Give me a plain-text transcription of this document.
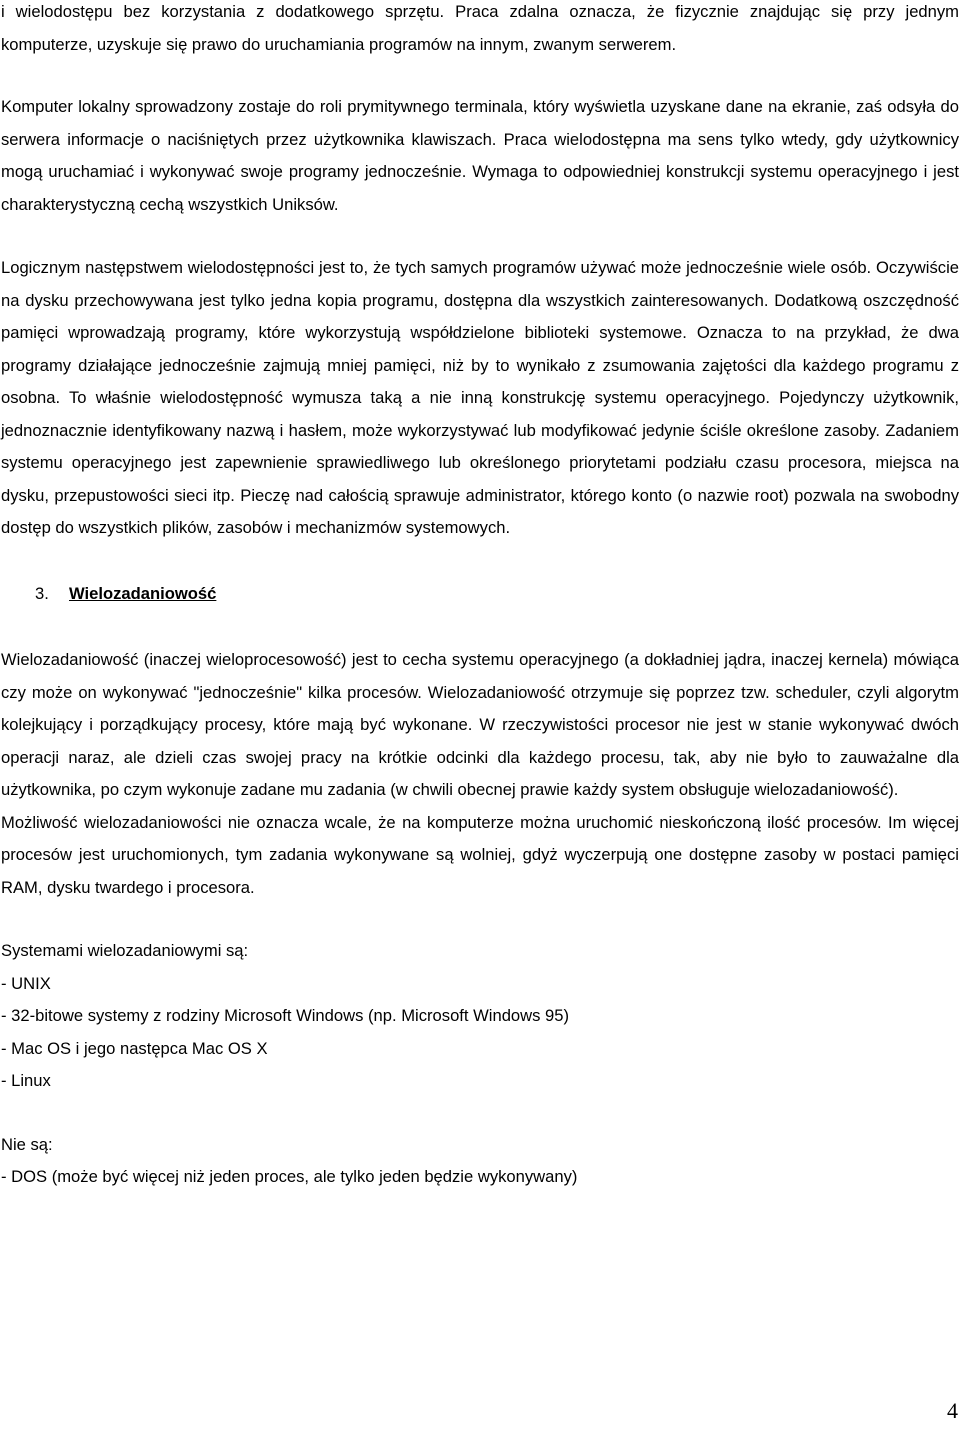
i wielodostępu bez korzystania z dodatkowego sprzętu. Praca zdalna oznacza, że fizycznie znajdując się przy jednym komputerze, uzyskuje się prawo do uruchamiania programów na innym, zwanym serwerem.

Komputer lokalny sprowadzony zostaje do roli prymitywnego terminala, który wyświetla uzyskane dane na ekranie, zaś odsyła do serwera informacje o naciśniętych przez użytkownika klawiszach. Praca wielodostępna ma sens tylko wtedy, gdy użytkownicy mogą uruchamiać i wykonywać swoje programy jednocześnie. Wymaga to odpowiedniej konstrukcji systemu operacyjnego i jest charakterystyczną cechą wszystkich Uniksów.

Logicznym następstwem wielodostępności jest to, że tych samych programów używać może jednocześnie wiele osób. Oczywiście na dysku przechowywana jest tylko jedna kopia programu, dostępna dla wszystkich zainteresowanych. Dodatkową oszczędność pamięci wprowadzają programy, które wykorzystują współdzielone biblioteki systemowe. Oznacza to na przykład, że dwa programy działające jednocześnie zajmują mniej pamięci, niż by to wynikało z zsumowania zajętości dla każdego programu z osobna. To właśnie wielodostępność wymusza taką a nie inną konstrukcję systemu operacyjnego. Pojedynczy użytkownik, jednoznacznie identyfikowany nazwą i hasłem, może wykorzystywać lub modyfikować jedynie ściśle określone zasoby. Zadaniem systemu operacyjnego jest zapewnienie sprawiedliwego lub określonego priorytetami podziału czasu procesora, miejsca na dysku, przepustowości sieci itp. Pieczę nad całością sprawuje administrator, którego konto (o nazwie root) pozwala na swobodny dostęp do wszystkich plików, zasobów i mechanizmów systemowych.

3. Wielozadaniowość

Wielozadaniowość (inaczej wieloprocesowość) jest to cecha systemu operacyjnego (a dokładniej jądra, inaczej kernela) mówiąca czy może on wykonywać "jednocześnie" kilka procesów. Wielozadaniowość otrzymuje się poprzez tzw. scheduler, czyli algorytm kolejkujący i porządkujący procesy, które mają być wykonane. W rzeczywistości procesor nie jest w stanie wykonywać dwóch operacji naraz, ale dzieli czas swojej pracy na krótkie odcinki dla każdego procesu, tak, aby nie było to zauważalne dla użytkownika, po czym wykonuje zadane mu zadania (w chwili obecnej prawie każdy system obsługuje wielozadaniowość).

Możliwość wielozadaniowości nie oznacza wcale, że na komputerze można uruchomić nieskończoną ilość procesów. Im więcej procesów jest uruchomionych, tym zadania wykonywane są wolniej, gdyż wyczerpują one dostępne zasoby w postaci pamięci RAM, dysku twardego i procesora.

Systemami wielozadaniowymi są:

- UNIX
- 32-bitowe systemy z rodziny Microsoft Windows (np. Microsoft Windows 95)
- Mac OS i jego następca Mac OS X
- Linux

Nie są:

- DOS (może być więcej niż jeden proces, ale tylko jeden będzie wykonywany)
4
